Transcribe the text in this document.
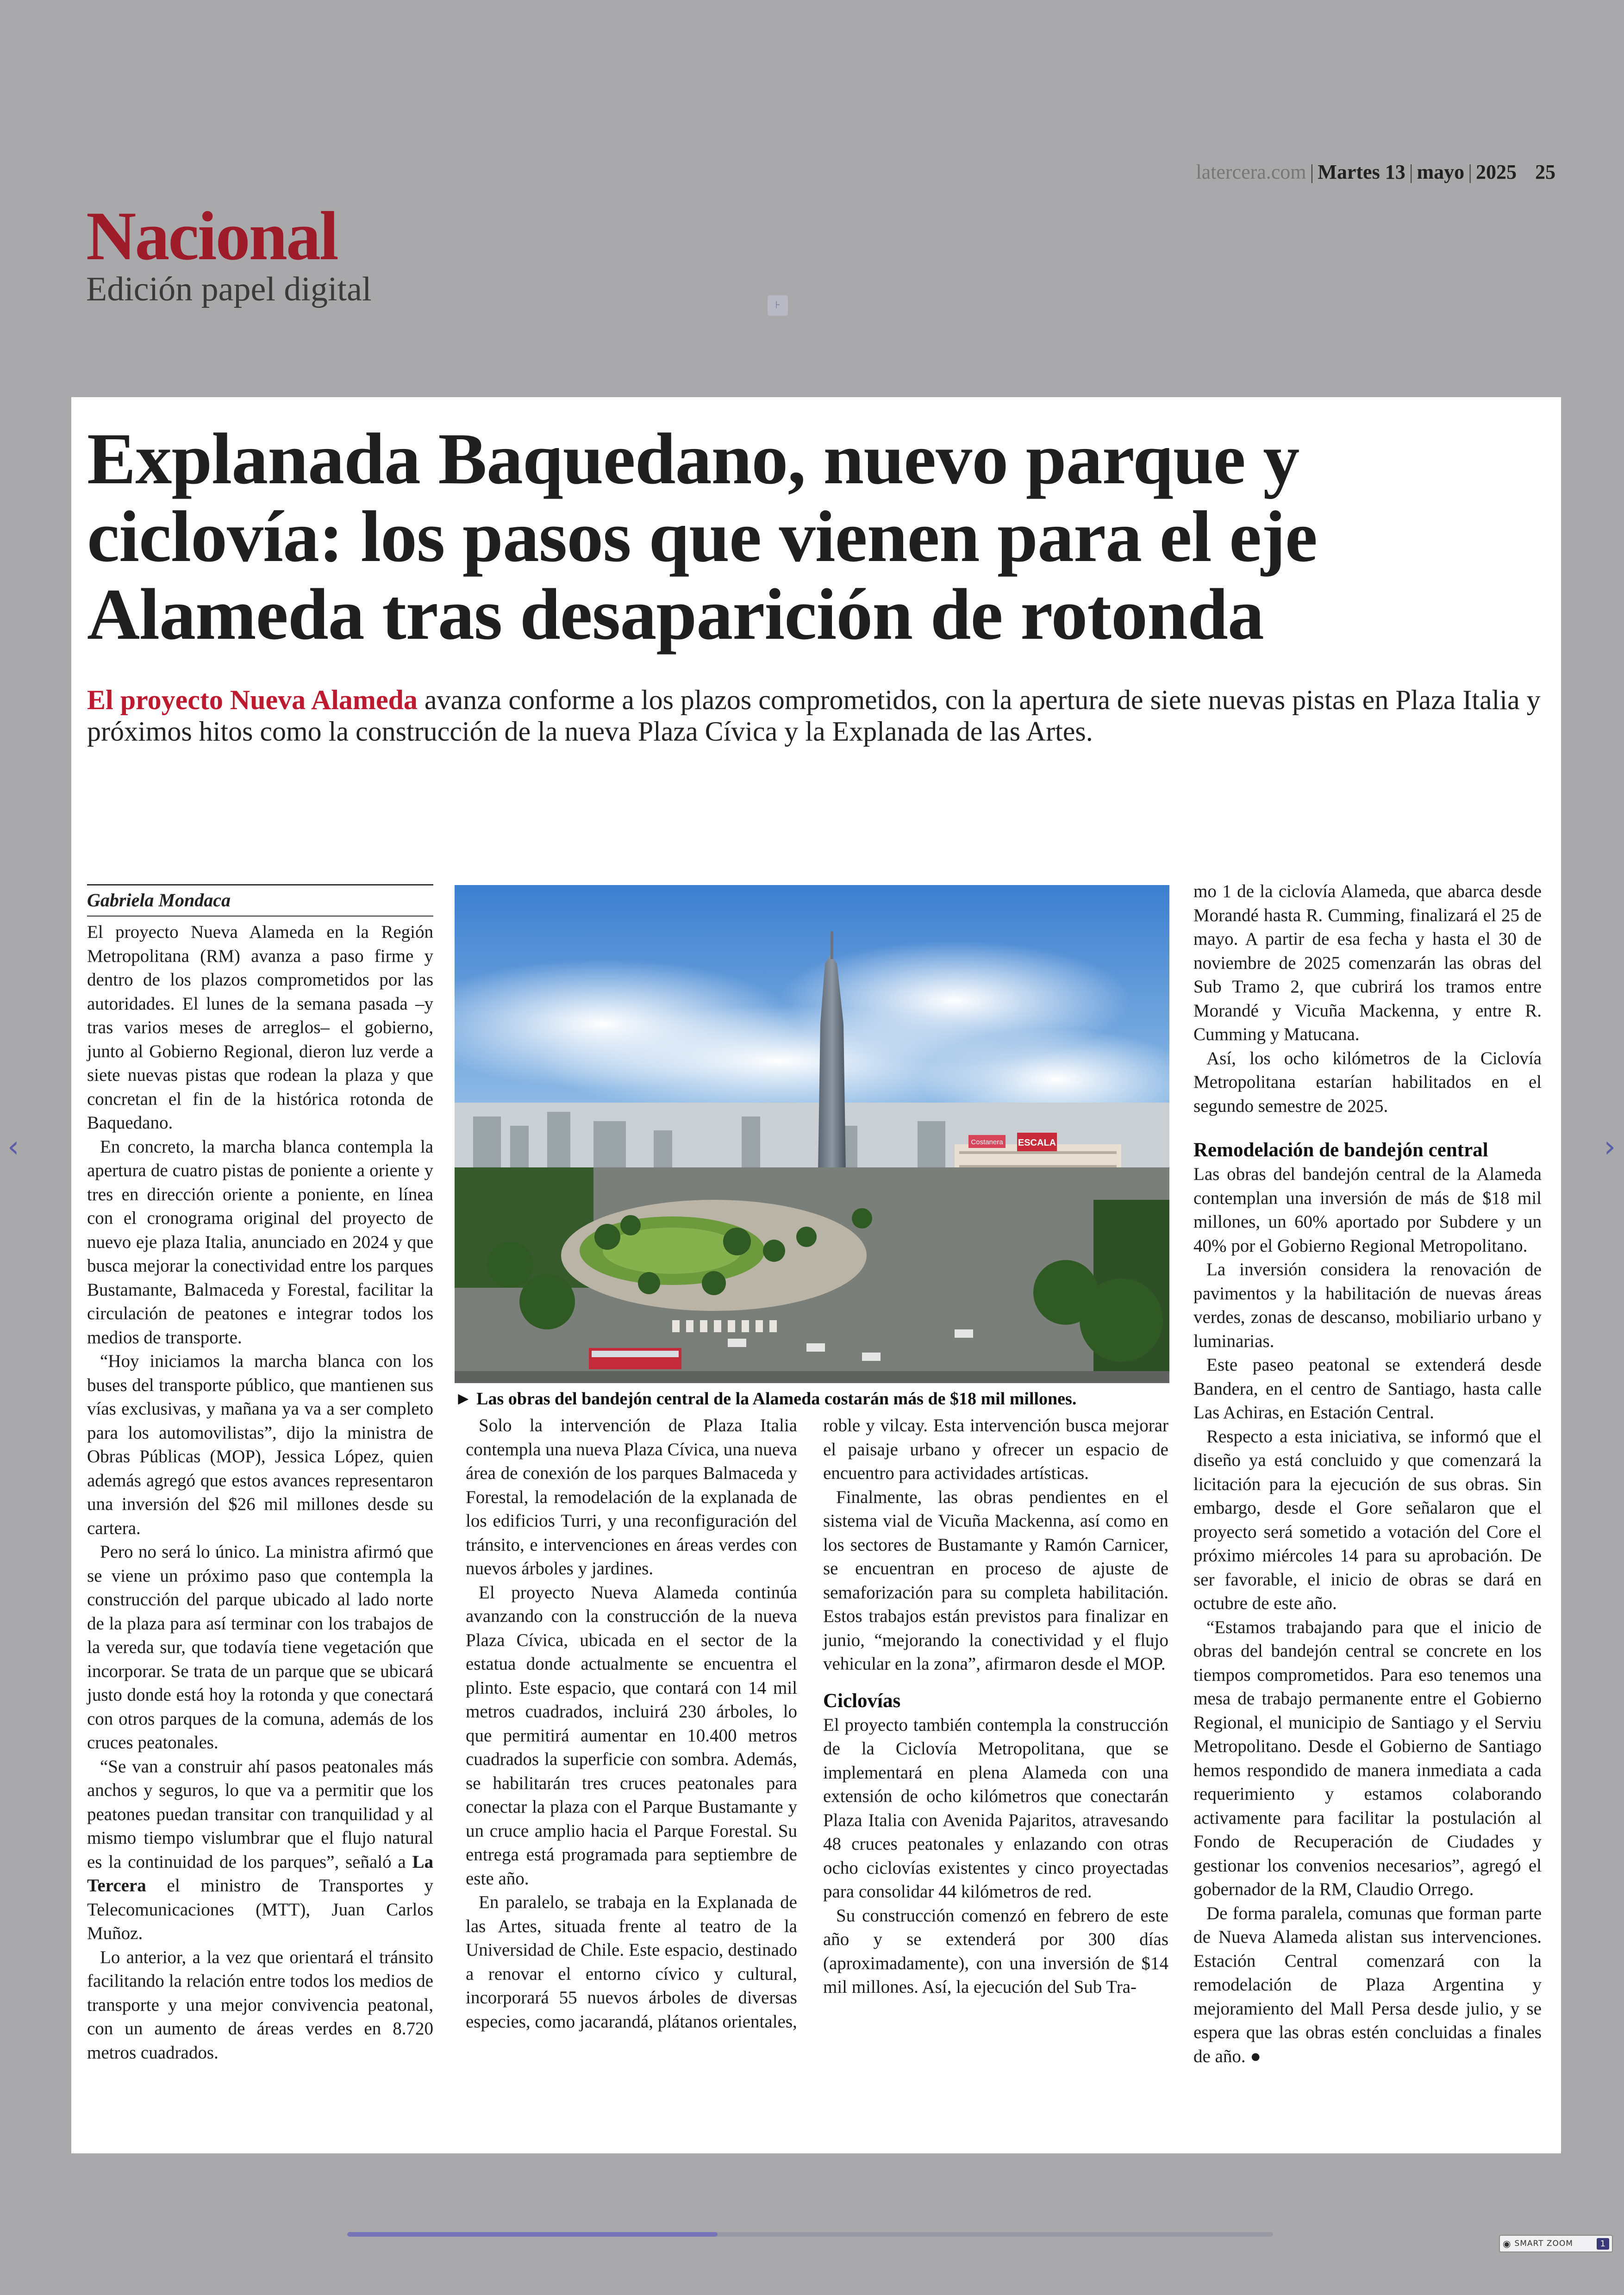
latercera.com | Martes 13 | mayo | 2025 25
Nacional
Edición papel digital	⊦
‹	›
Explanada Baquedano, nuevo parque y ciclovía: los pasos que vienen para el eje Alameda tras desaparición de rotonda
El proyecto Nueva Alameda avanza conforme a los plazos comprometidos, con la apertura de siete nuevas pistas en Plaza Italia y próximos hitos como la construcción de la nueva Plaza Cívica y la Explanada de las Artes.
Gabriela Mondaca

El proyecto Nueva Alameda en la Región Metropolitana (RM) avanza a paso firme y dentro de los plazos comprometidos por las autoridades. El lunes de la semana pasada –y tras varios meses de arreglos– el gobierno, junto al Gobierno Regional, dieron luz verde a siete nuevas pistas que rodean la plaza y que concretan el fin de la histórica rotonda de Baquedano.

En concreto, la marcha blanca contempla la apertura de cuatro pistas de poniente a oriente y tres en dirección oriente a poniente, en línea con el cronograma original del proyecto de nuevo eje plaza Italia, anunciado en 2024 y que busca mejorar la conectividad entre los parques Bustamante, Balmaceda y Forestal, facilitar la circulación de peatones e integrar todos los medios de transporte.

“Hoy iniciamos la marcha blanca con los buses del transporte público, que mantienen sus vías exclusivas, y mañana ya va a ser completo para los automovilistas”, dijo la ministra de Obras Públicas (MOP), Jessica López, quien además agregó que estos avances representaron una inversión del $26 mil millones desde su cartera.

Pero no será lo único. La ministra afirmó que se viene un próximo paso que contempla la construcción del parque ubicado al lado norte de la plaza para así terminar con los trabajos de la vereda sur, que todavía tiene vegetación que incorporar. Se trata de un parque que se ubicará justo donde está hoy la rotonda y que conectará con otros parques de la comuna, además de los cruces peatonales.

“Se van a construir ahí pasos peatonales más anchos y seguros, lo que va a permitir que los peatones puedan transitar con tranquilidad y al mismo tiempo vislumbrar que el flujo natural es la continuidad de los parques”, señaló a La Tercera el ministro de Transportes y Telecomunicaciones (MTT), Juan Carlos Muñoz.

Lo anterior, a la vez que orientará el tránsito facilitando la relación entre todos los medios de transporte y una mejor convivencia peatonal, con un aumento de áreas verdes en 8.720 metros cuadrados.

ESCALA
Costanera
► Las obras del bandejón central de la Alameda costarán más de $18 mil millones.

Solo la intervención de Plaza Italia contempla una nueva Plaza Cívica, una nueva área de conexión de los parques Balmaceda y Forestal, la remodelación de la explanada de los edificios Turri, y una reconfiguración del tránsito, e intervenciones en áreas verdes con nuevos árboles y jardines.

El proyecto Nueva Alameda continúa avanzando con la construcción de la nueva Plaza Cívica, ubicada en el sector de la estatua donde actualmente se encuentra el plinto. Este espacio, que contará con 14 mil metros cuadrados, incluirá 230 árboles, lo que permitirá aumentar en 10.400 metros cuadrados la superficie con sombra. Además, se habilitarán tres cruces peatonales para conectar la plaza con el Parque Bustamante y un cruce amplio hacia el Parque Forestal. Su entrega está programada para septiembre de este año.

En paralelo, se trabaja en la Explanada de las Artes, situada frente al teatro de la Universidad de Chile. Este espacio, destinado a renovar el entorno cívico y cultural, incorporará 55 nuevos árboles de diversas especies, como jacarandá, plátanos orientales,

roble y vilcay. Esta intervención busca mejorar el paisaje urbano y ofrecer un espacio de encuentro para actividades artísticas.

Finalmente, las obras pendientes en el sistema vial de Vicuña Mackenna, así como en los sectores de Bustamante y Ramón Carnicer, se encuentran en proceso de ajuste de semaforización para su completa habilitación. Estos trabajos están previstos para finalizar en junio, “mejorando la conectividad y el flujo vehicular en la zona”, afirmaron desde el MOP.

Ciclovías

El proyecto también contempla la construcción de la Ciclovía Metropolitana, que se implementará en plena Alameda con una extensión de ocho kilómetros que conectarán Plaza Italia con Avenida Pajaritos, atravesando 48 cruces peatonales y enlazando con otras ocho ciclovías existentes y cinco proyectadas para consolidar 44 kilómetros de red.

Su construcción comenzó en febrero de este año y se extenderá por 300 días (aproximadamente), con una inversión de $14 mil millones. Así, la ejecución del Sub Tra-

mo 1 de la ciclovía Alameda, que abarca desde Morandé hasta R. Cumming, finalizará el 25 de mayo. A partir de esa fecha y hasta el 30 de noviembre de 2025 comenzarán las obras del Sub Tramo 2, que cubrirá los tramos entre Morandé y Vicuña Mackenna, y entre R. Cumming y Matucana.

Así, los ocho kilómetros de la Ciclovía Metropolitana estarían habilitados en el segundo semestre de 2025.

Remodelación de bandejón central

Las obras del bandejón central de la Alameda contemplan una inversión de más de $18 mil millones, un 60% aportado por Subdere y un 40% por el Gobierno Regional Metropolitano.

La inversión considera la renovación de pavimentos y la habilitación de nuevas áreas verdes, zonas de descanso, mobiliario urbano y luminarias.

Este paseo peatonal se extenderá desde Bandera, en el centro de Santiago, hasta calle Las Achiras, en Estación Central.

Respecto a esta iniciativa, se informó que el diseño ya está concluido y que comenzará la licitación para la ejecución de sus obras. Sin embargo, desde el Gore señalaron que el proyecto será sometido a votación del Core el próximo miércoles 14 para su aprobación. De ser favorable, el inicio de obras se dará en octubre de este año.

“Estamos trabajando para que el inicio de obras del bandejón central se concrete en los tiempos comprometidos. Para eso tenemos una mesa de trabajo permanente entre el Gobierno Regional, el municipio de Santiago y el Serviu Metropolitano. Desde el Gobierno de Santiago hemos respondido de manera inmediata a cada requerimiento y estamos colaborando activamente para facilitar la postulación al Fondo de Recuperación de Ciudades y gestionar los convenios necesarios”, agregó el gobernador de la RM, Claudio Orrego.

De forma paralela, comunas que forman parte de Nueva Alameda alistan sus intervenciones. Estación Central comenzará con la remodelación de Plaza Argentina y mejoramiento del Mall Persa desde julio, y se espera que las obras estén concluidas a finales de año. ●

◉ SMART ZOOM	1
